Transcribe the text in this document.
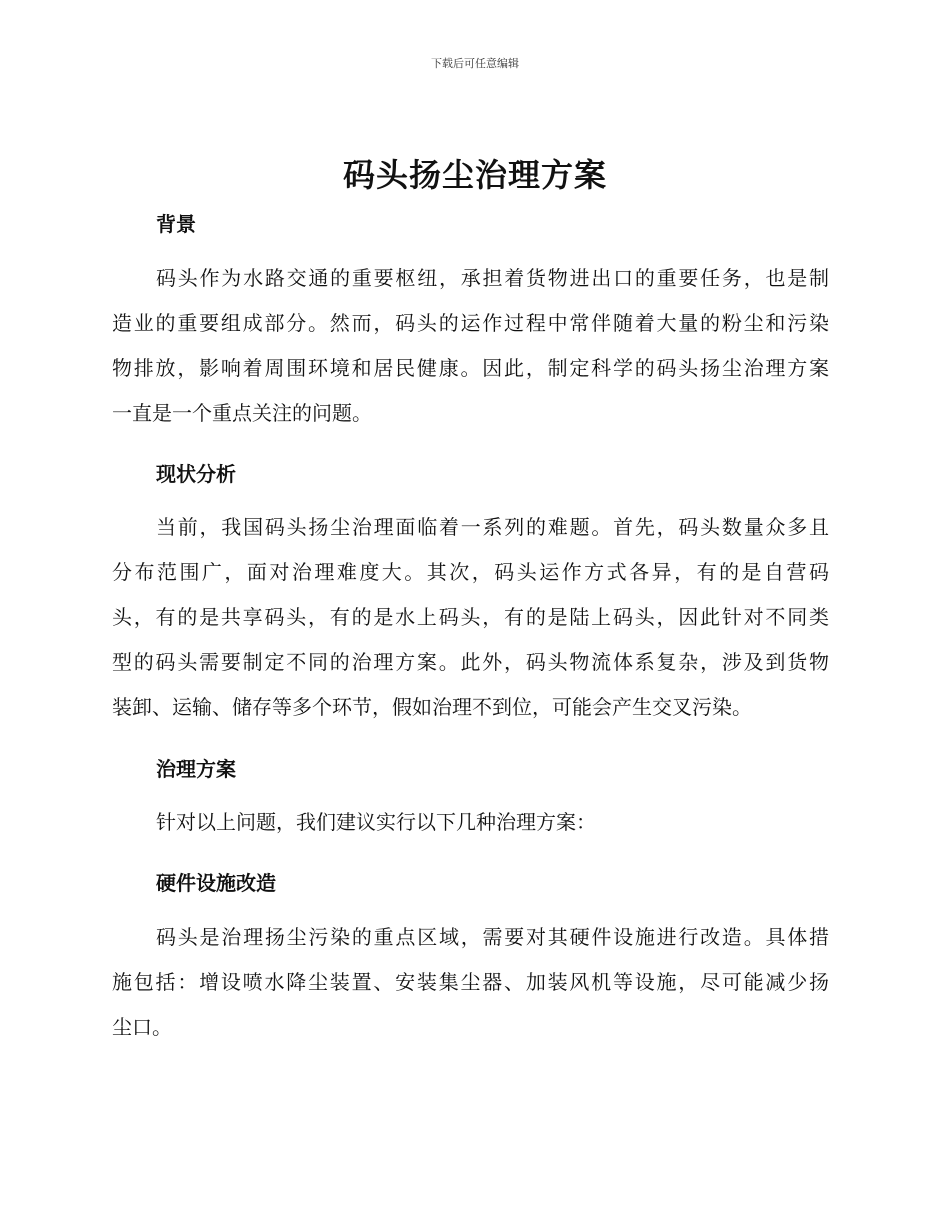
下载后可任意编辑
码头扬尘治理方案
背景
码头作为水路交通的重要枢纽，承担着货物进出口的重要任务，也是制
造业的重要组成部分。然而，码头的运作过程中常伴随着大量的粉尘和污染
物排放，影响着周围环境和居民健康。因此，制定科学的码头扬尘治理方案
一直是一个重点关注的问题。
现状分析
当前，我国码头扬尘治理面临着一系列的难题。首先，码头数量众多且
分布范围广，面对治理难度大。其次，码头运作方式各异，有的是自营码
头，有的是共享码头，有的是水上码头，有的是陆上码头，因此针对不同类
型的码头需要制定不同的治理方案。此外，码头物流体系复杂，涉及到货物
装卸、运输、储存等多个环节，假如治理不到位，可能会产生交叉污染。
治理方案
针对以上问题，我们建议实行以下几种治理方案：
硬件设施改造
码头是治理扬尘污染的重点区域，需要对其硬件设施进行改造。具体措
施包括：增设喷水降尘装置、安装集尘器、加装风机等设施，尽可能减少扬
尘口。
